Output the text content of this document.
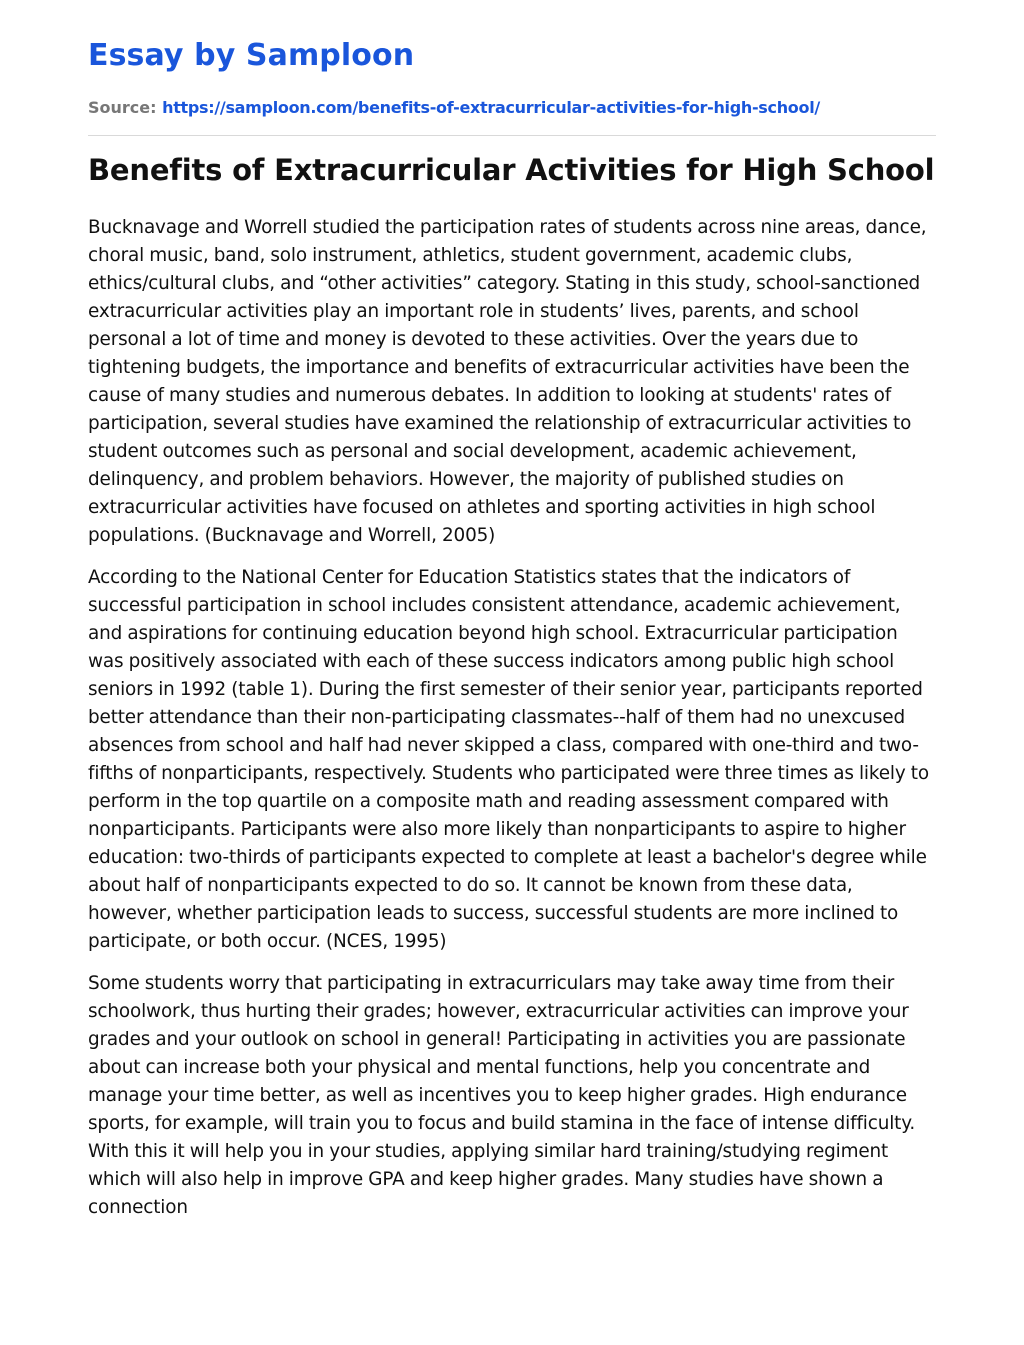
Essay by Samploon
Source: https://samploon.com/benefits-of-extracurricular-activities-for-high-school/
Benefits of Extracurricular Activities for High School

Bucknavage and Worrell studied the participation rates of students across nine areas, dance, choral music, band, solo instrument, athletics, student government, academic clubs, ethics/cultural clubs, and “other activities” category. Stating in this study, school-sanctioned extracurricular activities play an important role in students’ lives, parents, and school personal a lot of time and money is devoted to these activities. Over the years due to tightening budgets, the importance and benefits of extracurricular activities have been the cause of many studies and numerous debates. In addition to looking at students' rates of participation, several studies have examined the relationship of extracurricular activities to student outcomes such as personal and social development, academic achievement, delinquency, and problem behaviors. However, the majority of published studies on extracurricular activities have focused on athletes and sporting activities in high school populations. (Bucknavage and Worrell, 2005)

According to the National Center for Education Statistics states that the indicators of successful participation in school includes consistent attendance, academic achievement, and aspirations for continuing education beyond high school. Extracurricular participation was positively associated with each of these success indicators among public high school seniors in 1992 (table 1). During the first semester of their senior year, participants reported better attendance than their non-participating classmates--half of them had no unexcused absences from school and half had never skipped a class, compared with one-third and two-fifths of nonparticipants, respectively. Students who participated were three times as likely to perform in the top quartile on a composite math and reading assessment compared with nonparticipants. Participants were also more likely than nonparticipants to aspire to higher education: two-thirds of participants expected to complete at least a bachelor's degree while about half of nonparticipants expected to do so. It cannot be known from these data, however, whether participation leads to success, successful students are more inclined to participate, or both occur. (NCES, 1995)

Some students worry that participating in extracurriculars may take away time from their schoolwork, thus hurting their grades; however, extracurricular activities can improve your grades and your outlook on school in general! Participating in activities you are passionate about can increase both your physical and mental functions, help you concentrate and manage your time better, as well as incentives you to keep higher grades. High endurance sports, for example, will train you to focus and build stamina in the face of intense difficulty. With this it will help you in your studies, applying similar hard training/studying regiment which will also help in improve GPA and keep higher grades. Many studies have shown a connection
